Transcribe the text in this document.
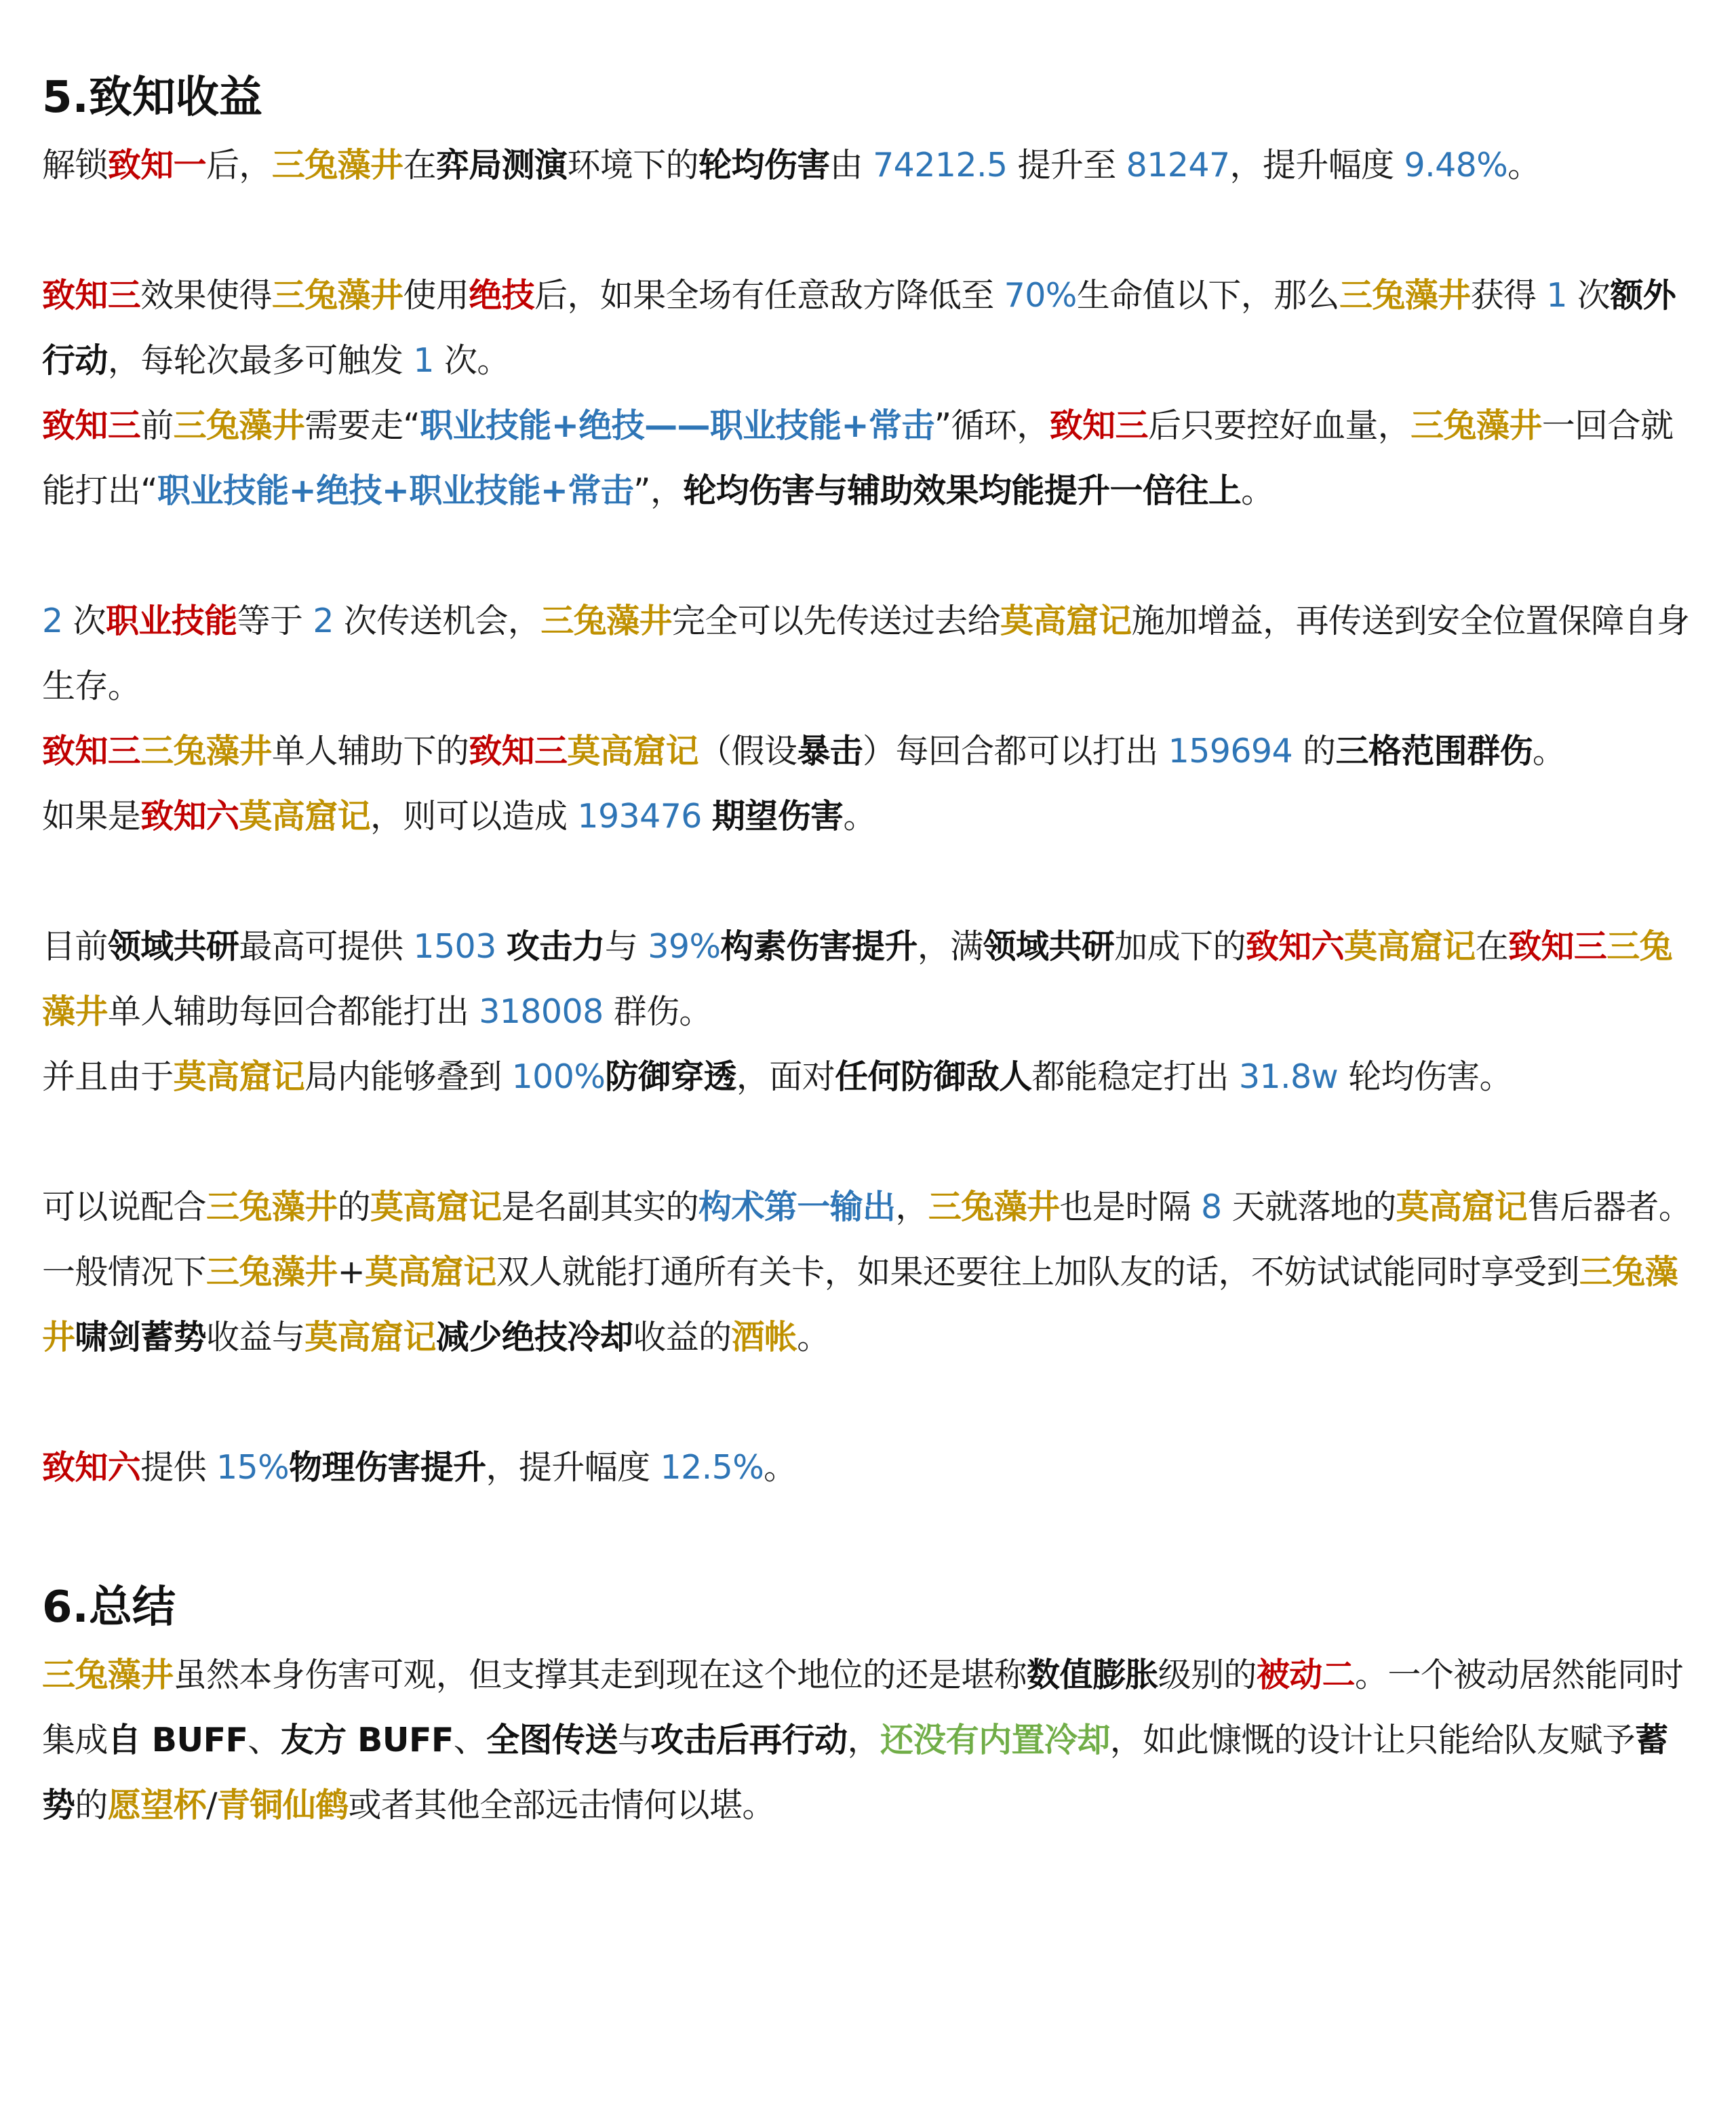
5.致知收益

解锁致知一后，三兔藻井在弈局测演环境下的轮均伤害由 74212.5 提升至 81247，提升幅度 9.48%。

致知三效果使得三兔藻井使用绝技后，如果全场有任意敌方降低至 70%生命值以下，那么三兔藻井获得 1 次额外行动，每轮次最多可触发 1 次。

致知三前三兔藻井需要走“职业技能+绝技——职业技能+常击”循环，致知三后只要控好血量，三兔藻井一回合就能打出“职业技能+绝技+职业技能+常击”，轮均伤害与辅助效果均能提升一倍往上。

2 次职业技能等于 2 次传送机会，三兔藻井完全可以先传送过去给莫高窟记施加增益，再传送到安全位置保障自身生存。

致知三三兔藻井单人辅助下的致知三莫高窟记（假设暴击）每回合都可以打出 159694 的三格范围群伤。

如果是致知六莫高窟记，则可以造成 193476 期望伤害。

目前领域共研最高可提供 1503 攻击力与 39%构素伤害提升，满领域共研加成下的致知六莫高窟记在致知三三兔藻井单人辅助每回合都能打出 318008 群伤。

并且由于莫高窟记局内能够叠到 100%防御穿透，面对任何防御敌人都能稳定打出 31.8w 轮均伤害。

可以说配合三兔藻井的莫高窟记是名副其实的构术第一输出，三兔藻井也是时隔 8 天就落地的莫高窟记售后器者。

一般情况下三兔藻井+莫高窟记双人就能打通所有关卡，如果还要往上加队友的话，不妨试试能同时享受到三兔藻井啸剑蓄势收益与莫高窟记减少绝技冷却收益的酒帐。

致知六提供 15%物理伤害提升，提升幅度 12.5%。

6.总结

三兔藻井虽然本身伤害可观，但支撑其走到现在这个地位的还是堪称数值膨胀级别的被动二。一个被动居然能同时集成自 BUFF、友方 BUFF、全图传送与攻击后再行动，还没有内置冷却，如此慷慨的设计让只能给队友赋予蓄势的愿望杯/青铜仙鹤或者其他全部远击情何以堪。
